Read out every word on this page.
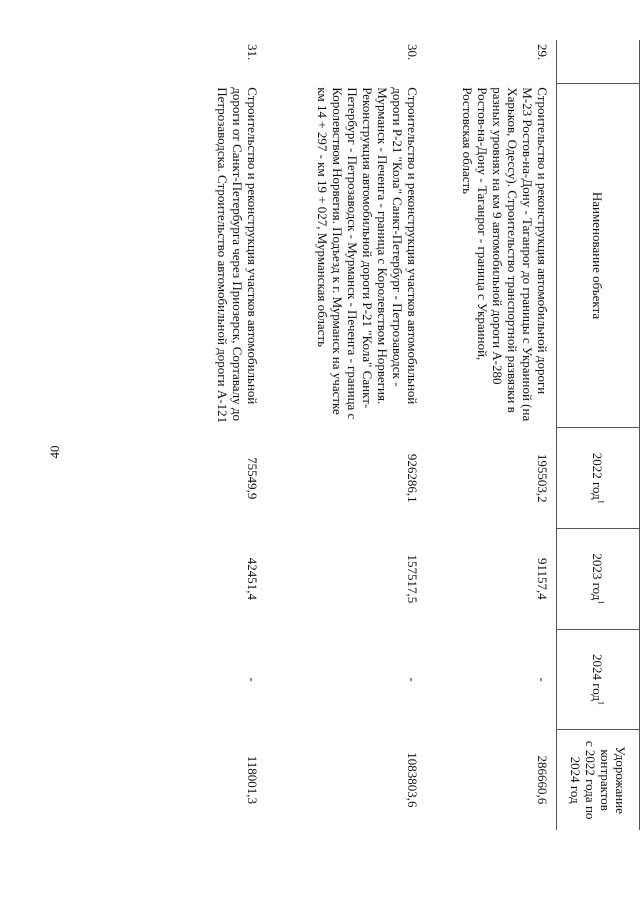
40
	Наименование объекта	2022 год$^1$	2023 год$^1$	2024 год$^1$	Удорожание
контрактов
с 2022 года по 2024 год

29.	Строительство и реконструкция автомобильной дороги М-23 Ростов-на-Дону - Таганрог до границы с Украиной (на Харьков, Одессу). Строительство транспортной развязки в разных уровнях на км 9 автомобильной дороги А-280 Ростов-на-Дону - Таганрог - граница с Украиной, Ростовская область	195503,2	91157,4	-	286660,6
30.	Строительство и реконструкция участков автомобильной дороги Р-21 "Кола" Санкт-Петербург - Петрозаводск - Мурманск - Печенга - граница с Королевством Норвегия. Реконструкция автомобильной дороги Р-21 "Кола" Санкт-Петербург - Петрозаводск - Мурманск - Печенга - граница с Королевством Норвегия. Подъезд к г. Мурманск на участке км 14 + 297 - км 19 + 027, Мурманская область	926286,1	157517,5	-	1083803,6
31.	Строительство и реконструкция участков автомобильной дороги от Санкт-Петербурга через Приозерск, Сортавалу до Петрозаводска. Строительство автомобильной дороги А-121	75549,9	42451,4	-	118001,3
